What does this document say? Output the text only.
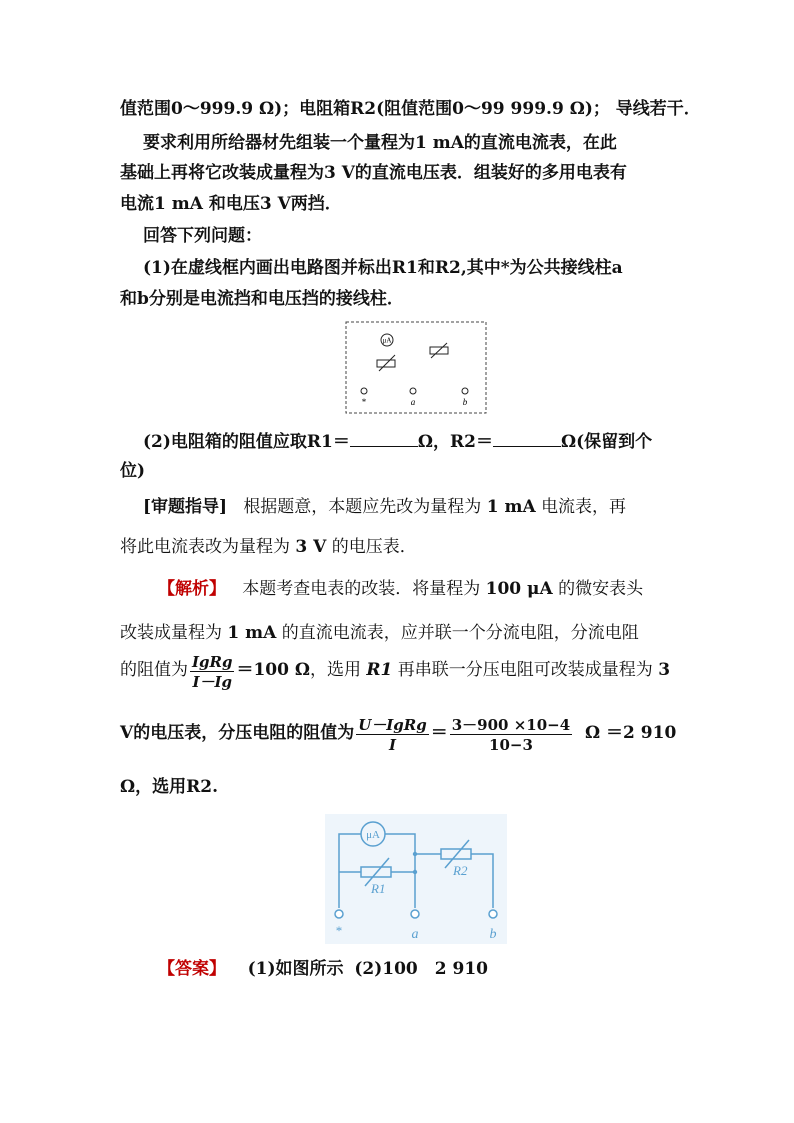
值范围0～999.9 Ω)；电阻箱R2(阻值范围0～99 999.9 Ω)； 导线若干．
要求利用所给器材先组装一个量程为1 mA的直流电流表，在此
基础上再将它改装成量程为3 V的直流电压表．组装好的多用电表有
电流1 mA 和电压3 V两挡．
回答下列问题：
(1)在虚线框内画出电路图并标出R1和R2,其中*为公共接线柱a
和b分别是电流挡和电压挡的接线柱．
μA
*	a	b
(2)电阻箱的阻值应取R1＝	Ω，R2＝	Ω(保留到个
位)
[审题指导] 根据题意，本题应先改为量程为 1 mA 电流表，再
将此电流表改为量程为 3 V 的电压表．
【解析】 本题考查电表的改装．将量程为 100 μA 的微安表头
改装成量程为 1 mA 的直流电流表，应并联一个分流电阻，分流电阻
的阻值为 $\frac{\text{IgRg}}{I-Ig} =100$ Ω，选用 R1 再串联一分压电阻可改装成量程为 3
V的电压表，分压电阻的阻值为 $\frac{\text{U－IgRg}}{I} = \frac{3-900 \times 10-4}{10-3}$ Ω ＝2 910
Ω，选用R2.
μA
R1
R2
*	a	b
【答案】 (1)如图所示 (2)100　2 910
